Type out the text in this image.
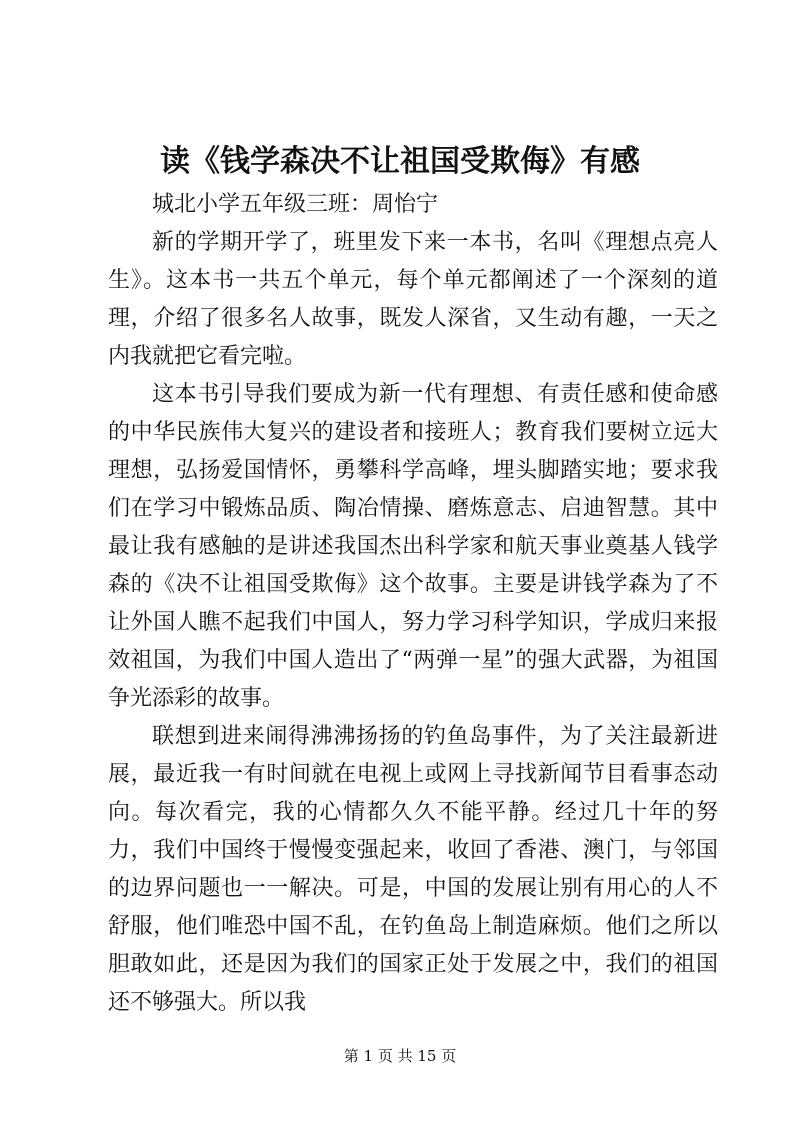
读《钱学森决不让祖国受欺侮》有感

城北小学五年级三班：周怡宁

新的学期开学了，班里发下来一本书，名叫《理想点亮人生》。这本书一共五个单元，每个单元都阐述了一个深刻的道理，介绍了很多名人故事，既发人深省，又生动有趣，一天之内我就把它看完啦。

这本书引导我们要成为新一代有理想、有责任感和使命感的中华民族伟大复兴的建设者和接班人；教育我们要树立远大理想，弘扬爱国情怀，勇攀科学高峰，埋头脚踏实地；要求我们在学习中锻炼品质、陶冶情操、磨炼意志、启迪智慧。其中最让我有感触的是讲述我国杰出科学家和航天事业奠基人钱学森的《决不让祖国受欺侮》这个故事。主要是讲钱学森为了不让外国人瞧不起我们中国人，努力学习科学知识，学成归来报效祖国，为我们中国人造出了“两弹一星”的强大武器，为祖国争光添彩的故事。

联想到进来闹得沸沸扬扬的钓鱼岛事件，为了关注最新进展，最近我一有时间就在电视上或网上寻找新闻节目看事态动向。每次看完，我的心情都久久不能平静。经过几十年的努力，我们中国终于慢慢变强起来，收回了香港、澳门，与邻国的边界问题也一一解决。可是，中国的发展让别有用心的人不舒服，他们唯恐中国不乱，在钓鱼岛上制造麻烦。他们之所以胆敢如此，还是因为我们的国家正处于发展之中，我们的祖国还不够强大。所以我

第 1 页 共 15 页
